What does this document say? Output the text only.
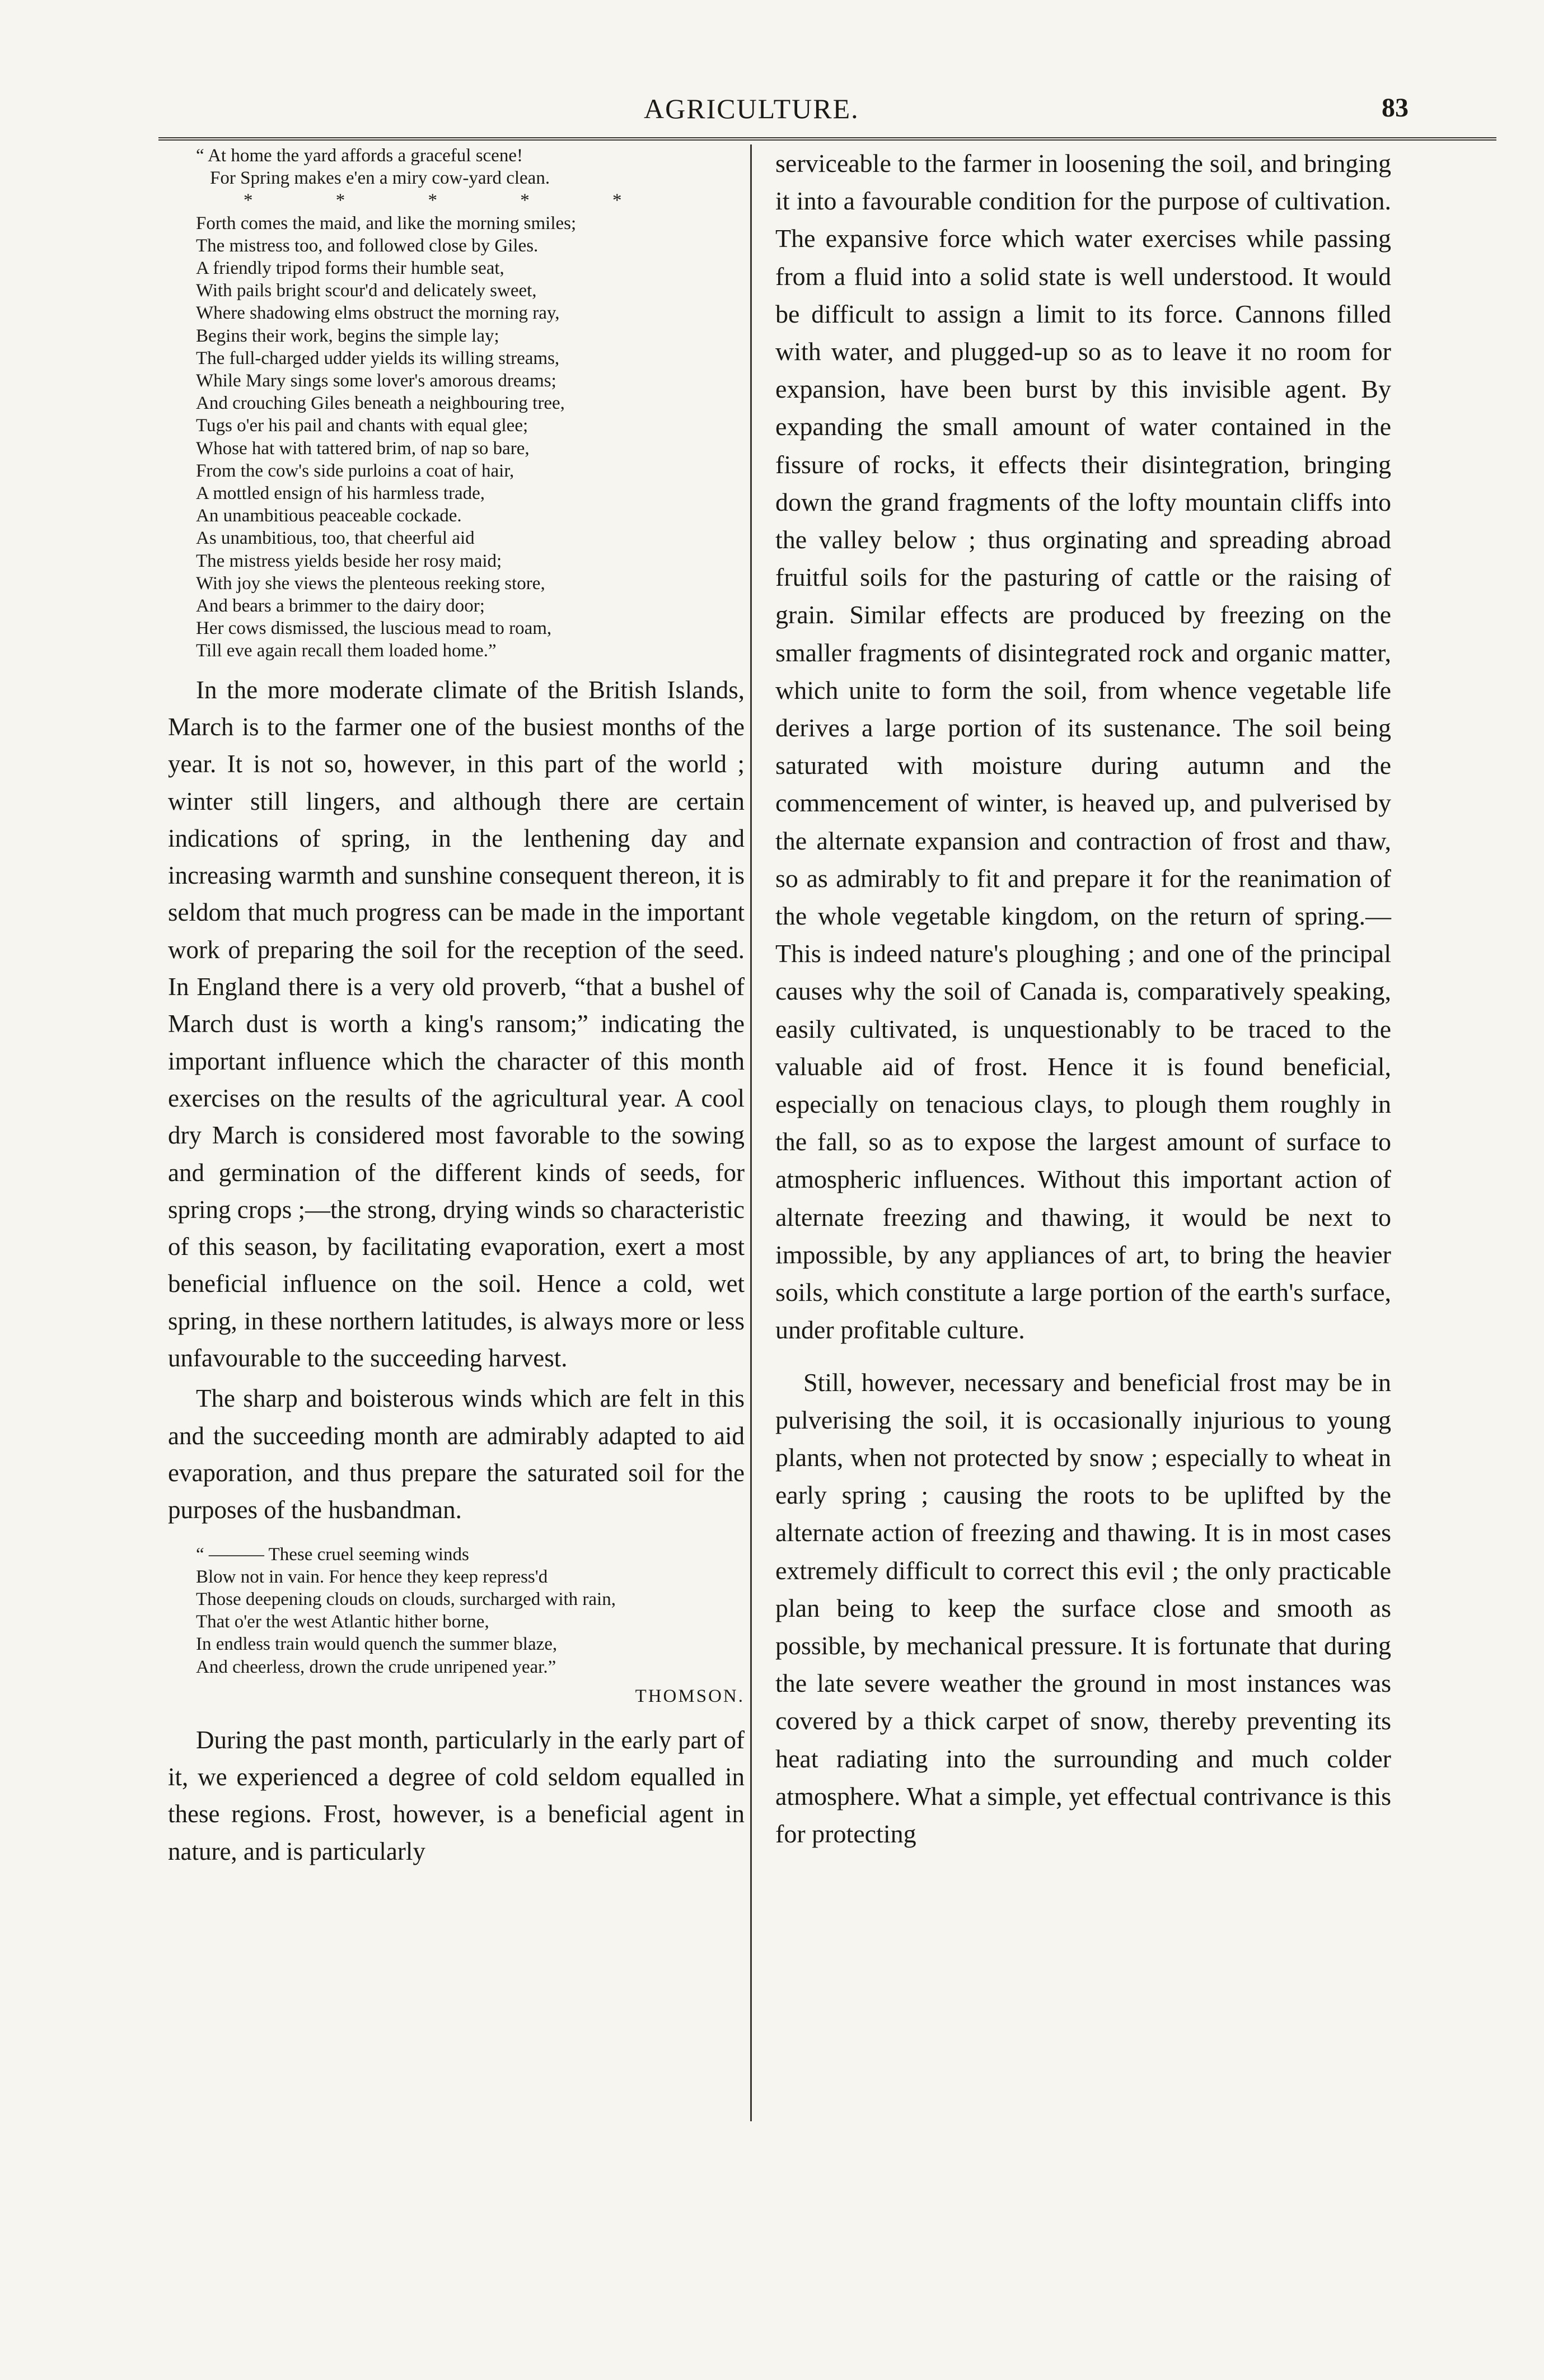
AGRICULTURE.	83
“ At home the yard affords a graceful scene!
For Spring makes e'en a miry cow-yard clean.
* * * * *
Forth comes the maid, and like the morning smiles;
The mistress too, and followed close by Giles.
A friendly tripod forms their humble seat,
With pails bright scour'd and delicately sweet,
Where shadowing elms obstruct the morning ray,
Begins their work, begins the simple lay;
The full-charged udder yields its willing streams,
While Mary sings some lover's amorous dreams;
And crouching Giles beneath a neighbouring tree,
Tugs o'er his pail and chants with equal glee;
Whose hat with tattered brim, of nap so bare,
From the cow's side purloins a coat of hair,
A mottled ensign of his harmless trade,
An unambitious peaceable cockade.
As unambitious, too, that cheerful aid
The mistress yields beside her rosy maid;
With joy she views the plenteous reeking store,
And bears a brimmer to the dairy door;
Her cows dismissed, the luscious mead to roam,
Till eve again recall them loaded home.”

In the more moderate climate of the British Islands, March is to the farmer one of the busiest months of the year. It is not so, however, in this part of the world ; winter still lingers, and although there are certain indications of spring, in the lenthening day and increasing warmth and sunshine consequent thereon, it is seldom that much progress can be made in the important work of preparing the soil for the reception of the seed. In England there is a very old proverb, “that a bushel of March dust is worth a king's ransom;” indicating the important influence which the character of this month exercises on the results of the agricultural year. A cool dry March is considered most favorable to the sowing and germination of the different kinds of seeds, for spring crops ;—the strong, drying winds so characteristic of this season, by facilitating evaporation, exert a most beneficial influence on the soil. Hence a cold, wet spring, in these northern latitudes, is always more or less unfavourable to the succeeding harvest.

The sharp and boisterous winds which are felt in this and the succeeding month are admirably adapted to aid evaporation, and thus prepare the saturated soil for the purposes of the husbandman.

“ ——— These cruel seeming winds
Blow not in vain. For hence they keep repress'd
Those deepening clouds on clouds, surcharged with rain,
That o'er the west Atlantic hither borne,
In endless train would quench the summer blaze,
And cheerless, drown the crude unripened year.”
THOMSON.

During the past month, particularly in the early part of it, we experienced a degree of cold seldom equalled in these regions. Frost, however, is a beneficial agent in nature, and is particularly

serviceable to the farmer in loosening the soil, and bringing it into a favourable condition for the purpose of cultivation. The expansive force which water exercises while passing from a fluid into a solid state is well understood. It would be difficult to assign a limit to its force. Cannons filled with water, and plugged-up so as to leave it no room for expansion, have been burst by this invisible agent. By expanding the small amount of water contained in the fissure of rocks, it effects their disintegration, bringing down the grand fragments of the lofty mountain cliffs into the valley below ; thus orginating and spreading abroad fruitful soils for the pasturing of cattle or the raising of grain. Similar effects are produced by freezing on the smaller fragments of disintegrated rock and organic matter, which unite to form the soil, from whence vegetable life derives a large portion of its sustenance. The soil being saturated with moisture during autumn and the commencement of winter, is heaved up, and pulverised by the alternate expansion and contraction of frost and thaw, so as admirably to fit and prepare it for the reanimation of the whole vegetable kingdom, on the return of spring.—This is indeed nature's ploughing ; and one of the principal causes why the soil of Canada is, comparatively speaking, easily cultivated, is unquestionably to be traced to the valuable aid of frost. Hence it is found beneficial, especially on tenacious clays, to plough them roughly in the fall, so as to expose the largest amount of surface to atmospheric influences. Without this important action of alternate freezing and thawing, it would be next to impossible, by any appliances of art, to bring the heavier soils, which constitute a large portion of the earth's surface, under profitable culture.

Still, however, necessary and beneficial frost may be in pulverising the soil, it is occasionally injurious to young plants, when not protected by snow ; especially to wheat in early spring ; causing the roots to be uplifted by the alternate action of freezing and thawing. It is in most cases extremely difficult to correct this evil ; the only practicable plan being to keep the surface close and smooth as possible, by mechanical pressure. It is fortunate that during the late severe weather the ground in most instances was covered by a thick carpet of snow, thereby preventing its heat radiating into the surrounding and much colder atmosphere. What a simple, yet effectual contrivance is this for protecting
